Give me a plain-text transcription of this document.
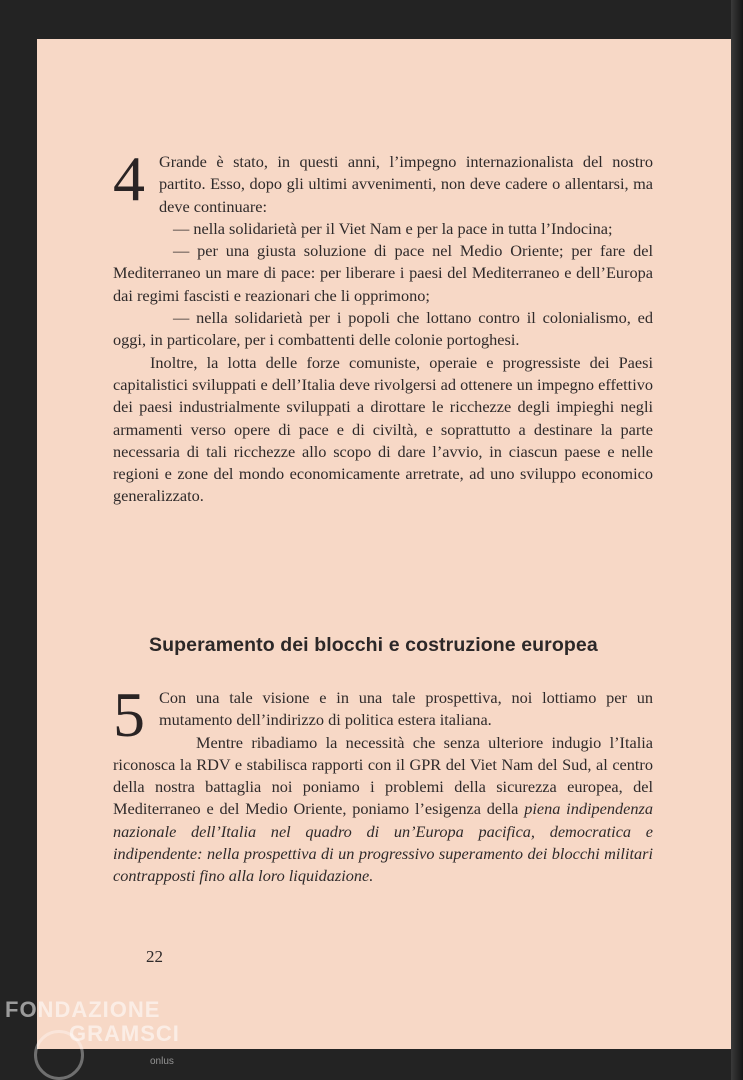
4 Grande è stato, in questi anni, l’impegno internazionalista del nostro partito. Esso, dopo gli ultimi avvenimenti, non deve cadere o allentarsi, ma deve continuare:

— nella solidarietà per il Viet Nam e per la pace in tutta l’Indocina;

— per una giusta soluzione di pace nel Medio Oriente; per fare del Mediterraneo un mare di pace: per liberare i paesi del Mediterraneo e dell’Europa dai regimi fascisti e reazionari che li opprimono;

— nella solidarietà per i popoli che lottano contro il colonialismo, ed oggi, in particolare, per i combattenti delle colonie portoghesi.

Inoltre, la lotta delle forze comuniste, operaie e progressiste dei Paesi capitalistici sviluppati e dell’Italia deve rivolgersi ad ottenere un impegno effettivo dei paesi industrialmente sviluppati a dirottare le ricchezze degli impieghi negli armamenti verso opere di pace e di civiltà, e soprattutto a destinare la parte necessaria di tali ricchezze allo scopo di dare l’avvio, in ciascun paese e nelle regioni e zone del mondo economicamente arretrate, ad uno sviluppo economico generalizzato.

Superamento dei blocchi e costruzione europea
5 Con una tale visione e in una tale prospettiva, noi lottiamo per un mutamento dell’indirizzo di politica estera italiana.

Mentre ribadiamo la necessità che senza ulteriore indugio l’Italia riconosca la RDV e stabilisca rapporti con il GPR del Viet Nam del Sud, al centro della nostra battaglia noi poniamo i problemi della sicurezza europea, del Mediterraneo e del Medio Oriente, poniamo l’esigenza della piena indipendenza nazionale dell’Italia nel quadro di un’Europa pacifica, democratica e indipendente: nella prospettiva di un progressivo superamento dei blocchi militari contrapposti fino alla loro liquidazione.

22
FONDAZIONE
GRAMSCI
onlus
